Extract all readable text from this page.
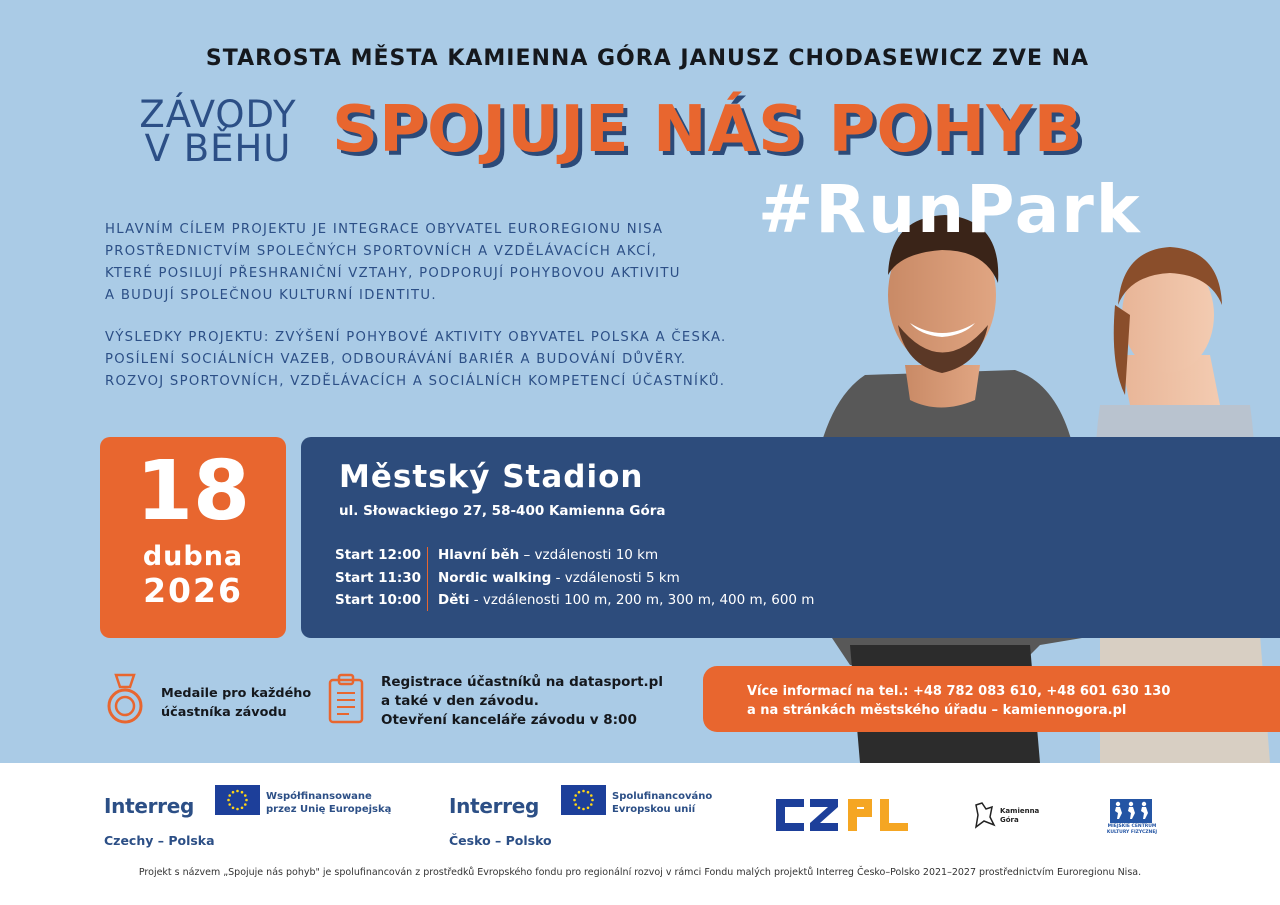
STAROSTA MĚSTA KAMIENNA GÓRA JANUSZ CHODASEWICZ ZVE NA
ZÁVODY
V BĚHU SPOJUJE NÁS POHYB
#RunPark
HLAVNÍM CÍLEM PROJEKTU JE INTEGRACE OBYVATEL EUROREGIONU NISA
PROSTŘEDNICTVÍM SPOLEČNÝCH SPORTOVNÍCH A VZDĚLÁVACÍCH AKCÍ,
KTERÉ POSILUJÍ PŘESHRANIČNÍ VZTAHY, PODPORUJÍ POHYBOVOU AKTIVITU
A BUDUJÍ SPOLEČNOU KULTURNÍ IDENTITU.
VÝSLEDKY PROJEKTU: ZVÝŠENÍ POHYBOVÉ AKTIVITY OBYVATEL POLSKA A ČESKA.
POSÍLENÍ SOCIÁLNÍCH VAZEB, ODBOURÁVÁNÍ BARIÉR A BUDOVÁNÍ DŮVĚRY.
ROZVOJ SPORTOVNÍCH, VZDĚLÁVACÍCH A SOCIÁLNÍCH KOMPETENCÍ ÚČASTNÍKŮ.
18
dubna
2026
Městský Stadion
ul. Słowackiego 27, 58-400 Kamienna Góra
Start 12:00 Hlavní běh – vzdálenosti 10 km
Start 11:30 Nordic walking - vzdálenosti 5 km
Start 10:00 Děti - vzdálenosti 100 m, 200 m, 300 m, 400 m, 600 m
Medaile pro každého
účastníka závodu
Registrace účastníků na datasport.pl
a také v den závodu.
Otevření kanceláře závodu v 8:00
Více informací na tel.: +48 782 083 610, +48 601 630 130
a na stránkách městského úřadu – kamiennogora.pl
Interreg	Współfinansowane
przez Unię Europejską
Czechy – Polska
Interreg	Spolufinancováno
Evropskou unií
Česko – Polsko
Kamienna
Góra
MIEJSKIE CENTRUM
KULTURY FIZYCZNEJ
Projekt s názvem „Spojuje nás pohyb" je spolufinancován z prostředků Evropského fondu pro regionální rozvoj v rámci Fondu malých projektů Interreg Česko–Polsko 2021–2027 prostřednictvím Euroregionu Nisa.
